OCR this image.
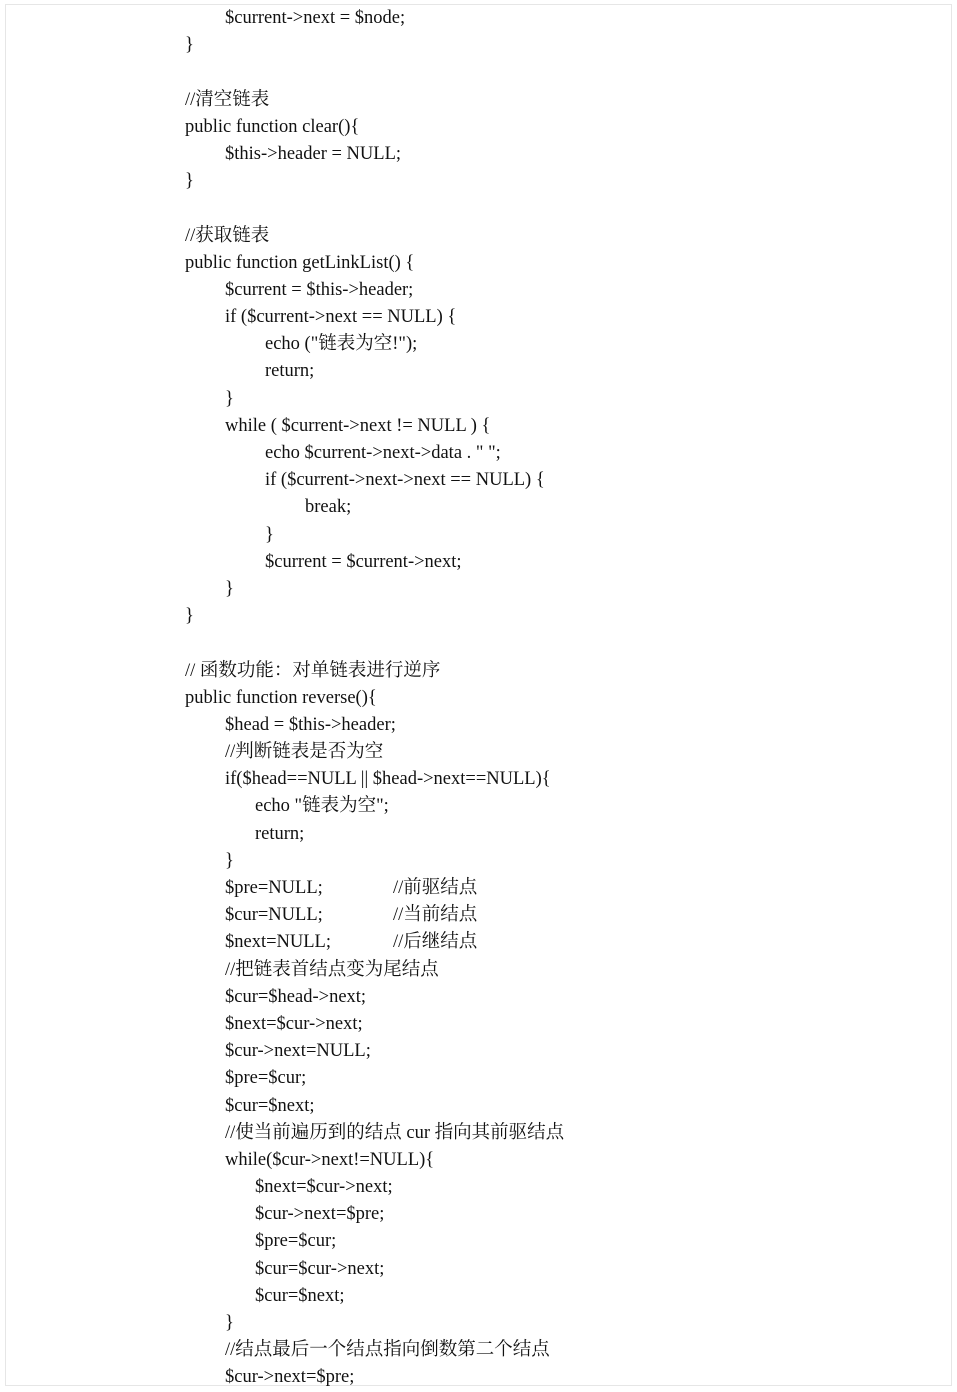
$current->next = $node;
}
//清空链表
public function clear(){
$this->header = NULL;
}
//获取链表
public function getLinkList() {
$current = $this->header;
if ($current->next == NULL) {
echo ("链表为空!");
return;
}
while ( $current->next != NULL ) {
echo $current->next->data . " ";
if ($current->next->next == NULL) {
break;
}
$current = $current->next;
}
}
// 函数功能：对单链表进行逆序
public function reverse(){
$head = $this->header;
//判断链表是否为空
if($head==NULL || $head->next==NULL){
echo "链表为空";
return;
}
$pre=NULL;	//前驱结点
$cur=NULL;	//当前结点
$next=NULL;	//后继结点
//把链表首结点变为尾结点
$cur=$head->next;
$next=$cur->next;
$cur->next=NULL;
$pre=$cur;
$cur=$next;
//使当前遍历到的结点 cur 指向其前驱结点
while($cur->next!=NULL){
$next=$cur->next;
$cur->next=$pre;
$pre=$cur;
$cur=$cur->next;
$cur=$next;
}
//结点最后一个结点指向倒数第二个结点
$cur->next=$pre;
